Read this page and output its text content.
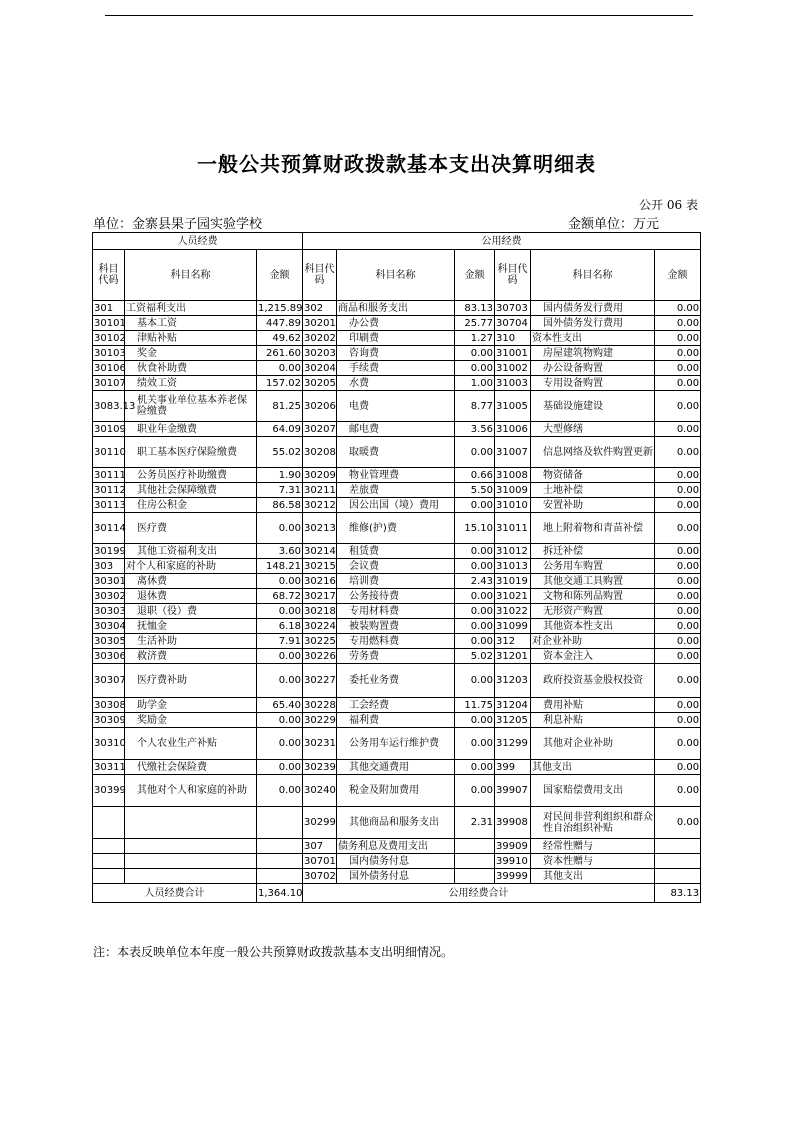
一般公共预算财政拨款基本支出决算明细表
公开 06 表
单位：金寨县果子园实验学校	金额单位：万元
人员经费			公用经费					
科目代码	科目名称	金额	科目代码	科目名称	金额	科目代码	科目名称	金额
301	工资福利支出	1,215.89	302	商品和服务支出	83.13	30703	国内债务发行费用	0.00
30101	基本工资	447.89	30201	办公费	25.77	30704	国外债务发行费用	0.00
30102	津贴补贴	49.62	30202	印刷费	1.27	310	资本性支出	0.00
30103	奖金	261.60	30203	咨询费	0.00	31001	房屋建筑物购建	0.00
30106	伙食补助费	0.00	30204	手续费	0.00	31002	办公设备购置	0.00
30107	绩效工资	157.02	30205	水费	1.00	31003	专用设备购置	0.00
3083.13	机关事业单位基本养老保险缴费	81.25	30206	电费	8.77	31005	基础设施建设	0.00
30109	职业年金缴费	64.09	30207	邮电费	3.56	31006	大型修缮	0.00
30110	职工基本医疗保险缴费	55.02	30208	取暖费	0.00	31007	信息网络及软件购置更新	0.00
30111	公务员医疗补助缴费	1.90	30209	物业管理费	0.66	31008	物资储备	0.00
30112	其他社会保障缴费	7.31	30211	差旅费	5.50	31009	土地补偿	0.00
30113	住房公积金	86.58	30212	因公出国（境）费用	0.00	31010	安置补助	0.00
30114	医疗费	0.00	30213	维修(护)费	15.10	31011	地上附着物和青苗补偿	0.00
30199	其他工资福利支出	3.60	30214	租赁费	0.00	31012	拆迁补偿	0.00
303	对个人和家庭的补助	148.21	30215	会议费	0.00	31013	公务用车购置	0.00
30301	离休费	0.00	30216	培训费	2.43	31019	其他交通工具购置	0.00
30302	退休费	68.72	30217	公务接待费	0.00	31021	文物和陈列品购置	0.00
30303	退职（役）费	0.00	30218	专用材料费	0.00	31022	无形资产购置	0.00
30304	抚恤金	6.18	30224	被装购置费	0.00	31099	其他资本性支出	0.00
30305	生活补助	7.91	30225	专用燃料费	0.00	312	对企业补助	0.00
30306	救济费	0.00	30226	劳务费	5.02	31201	资本金注入	0.00
30307	医疗费补助	0.00	30227	委托业务费	0.00	31203	政府投资基金股权投资	0.00
30308	助学金	65.40	30228	工会经费	11.75	31204	费用补贴	0.00
30309	奖励金	0.00	30229	福利费	0.00	31205	利息补贴	0.00
30310	个人农业生产补贴	0.00	30231	公务用车运行维护费	0.00	31299	其他对企业补助	0.00
30311	代缴社会保险费	0.00	30239	其他交通费用	0.00	399	其他支出	0.00
30399	其他对个人和家庭的补助	0.00	30240	税金及附加费用	0.00	39907	国家赔偿费用支出	0.00
			30299	其他商品和服务支出	2.31	39908	对民间非营利组织和群众性自治组织补贴	0.00
			307	债务利息及费用支出		39909	经常性赠与	
			30701	国内债务付息		39910	资本性赠与	
			30702	国外债务付息		39999	其他支出	
人员经费合计		1,364.10	公用经费合计					83.13
注：本表反映单位本年度一般公共预算财政拨款基本支出明细情况。
